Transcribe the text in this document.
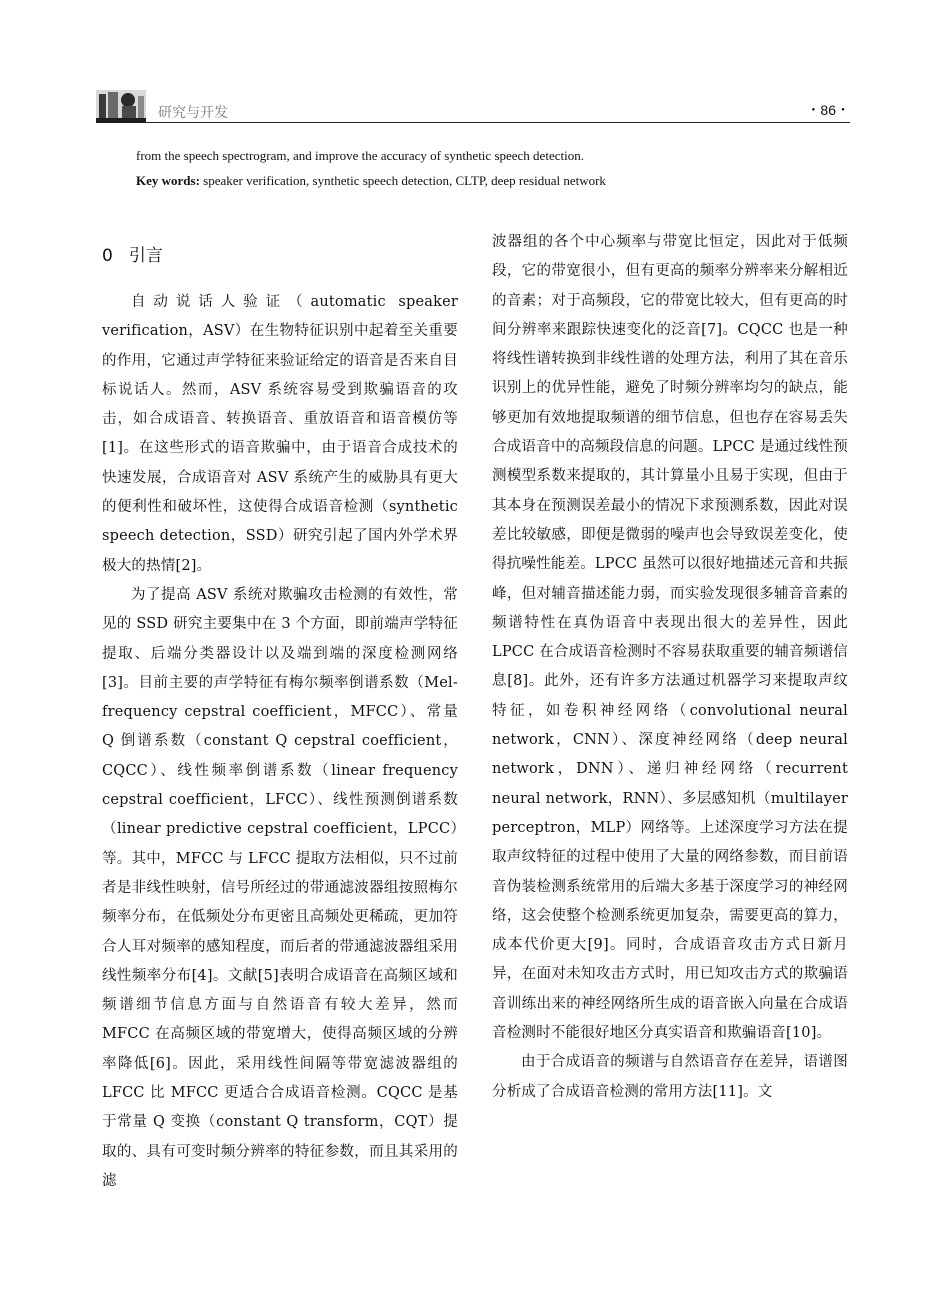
研究与开发	・86・

from the speech spectrogram, and improve the accuracy of synthetic speech detection.

Key words: speaker verification, synthetic speech detection, CLTP, deep residual network

0 引言

自动说话人验证（automatic speaker verification，ASV）在生物特征识别中起着至关重要的作用，它通过声学特征来验证给定的语音是否来自目标说话人。然而，ASV 系统容易受到欺骗语音的攻击，如合成语音、转换语音、重放语音和语音模仿等[1]。在这些形式的语音欺骗中，由于语音合成技术的快速发展，合成语音对 ASV 系统产生的威胁具有更大的便利性和破坏性，这使得合成语音检测（synthetic speech detection，SSD）研究引起了国内外学术界极大的热情[2]。

为了提高 ASV 系统对欺骗攻击检测的有效性，常见的 SSD 研究主要集中在 3 个方面，即前端声学特征提取、后端分类器设计以及端到端的深度检测网络[3]。目前主要的声学特征有梅尔频率倒谱系数（Mel-frequency cepstral coefficient，MFCC）、常量 Q 倒谱系数（constant Q cepstral coefficient，CQCC）、线性频率倒谱系数（linear frequency cepstral coefficient，LFCC）、线性预测倒谱系数（linear predictive cepstral coefficient，LPCC）等。其中，MFCC 与 LFCC 提取方法相似，只不过前者是非线性映射，信号所经过的带通滤波器组按照梅尔频率分布，在低频处分布更密且高频处更稀疏，更加符合人耳对频率的感知程度，而后者的带通滤波器组采用线性频率分布[4]。文献[5]表明合成语音在高频区域和频谱细节信息方面与自然语音有较大差异，然而 MFCC 在高频区域的带宽增大，使得高频区域的分辨率降低[6]。因此，采用线性间隔等带宽滤波器组的 LFCC 比 MFCC 更适合合成语音检测。CQCC 是基于常量 Q 变换（constant Q transform，CQT）提取的、具有可变时频分辨率的特征参数，而且其采用的滤

波器组的各个中心频率与带宽比恒定，因此对于低频段，它的带宽很小，但有更高的频率分辨率来分解相近的音素；对于高频段，它的带宽比较大，但有更高的时间分辨率来跟踪快速变化的泛音[7]。CQCC 也是一种将线性谱转换到非线性谱的处理方法，利用了其在音乐识别上的优异性能，避免了时频分辨率均匀的缺点，能够更加有效地提取频谱的细节信息，但也存在容易丢失合成语音中的高频段信息的问题。LPCC 是通过线性预测模型系数来提取的，其计算量小且易于实现，但由于其本身在预测误差最小的情况下求预测系数，因此对误差比较敏感，即便是微弱的噪声也会导致误差变化，使得抗噪性能差。LPCC 虽然可以很好地描述元音和共振峰，但对辅音描述能力弱，而实验发现很多辅音音素的频谱特性在真伪语音中表现出很大的差异性，因此 LPCC 在合成语音检测时不容易获取重要的辅音频谱信息[8]。此外，还有许多方法通过机器学习来提取声纹特征，如卷积神经网络（convolutional neural network，CNN）、深度神经网络（deep neural network，DNN）、递归神经网络（recurrent neural network，RNN）、多层感知机（multilayer perceptron，MLP）网络等。上述深度学习方法在提取声纹特征的过程中使用了大量的网络参数，而目前语音伪装检测系统常用的后端大多基于深度学习的神经网络，这会使整个检测系统更加复杂，需要更高的算力，成本代价更大[9]。同时，合成语音攻击方式日新月异，在面对未知攻击方式时，用已知攻击方式的欺骗语音训练出来的神经网络所生成的语音嵌入向量在合成语音检测时不能很好地区分真实语音和欺骗语音[10]。

由于合成语音的频谱与自然语音存在差异，语谱图分析成了合成语音检测的常用方法[11]。文
